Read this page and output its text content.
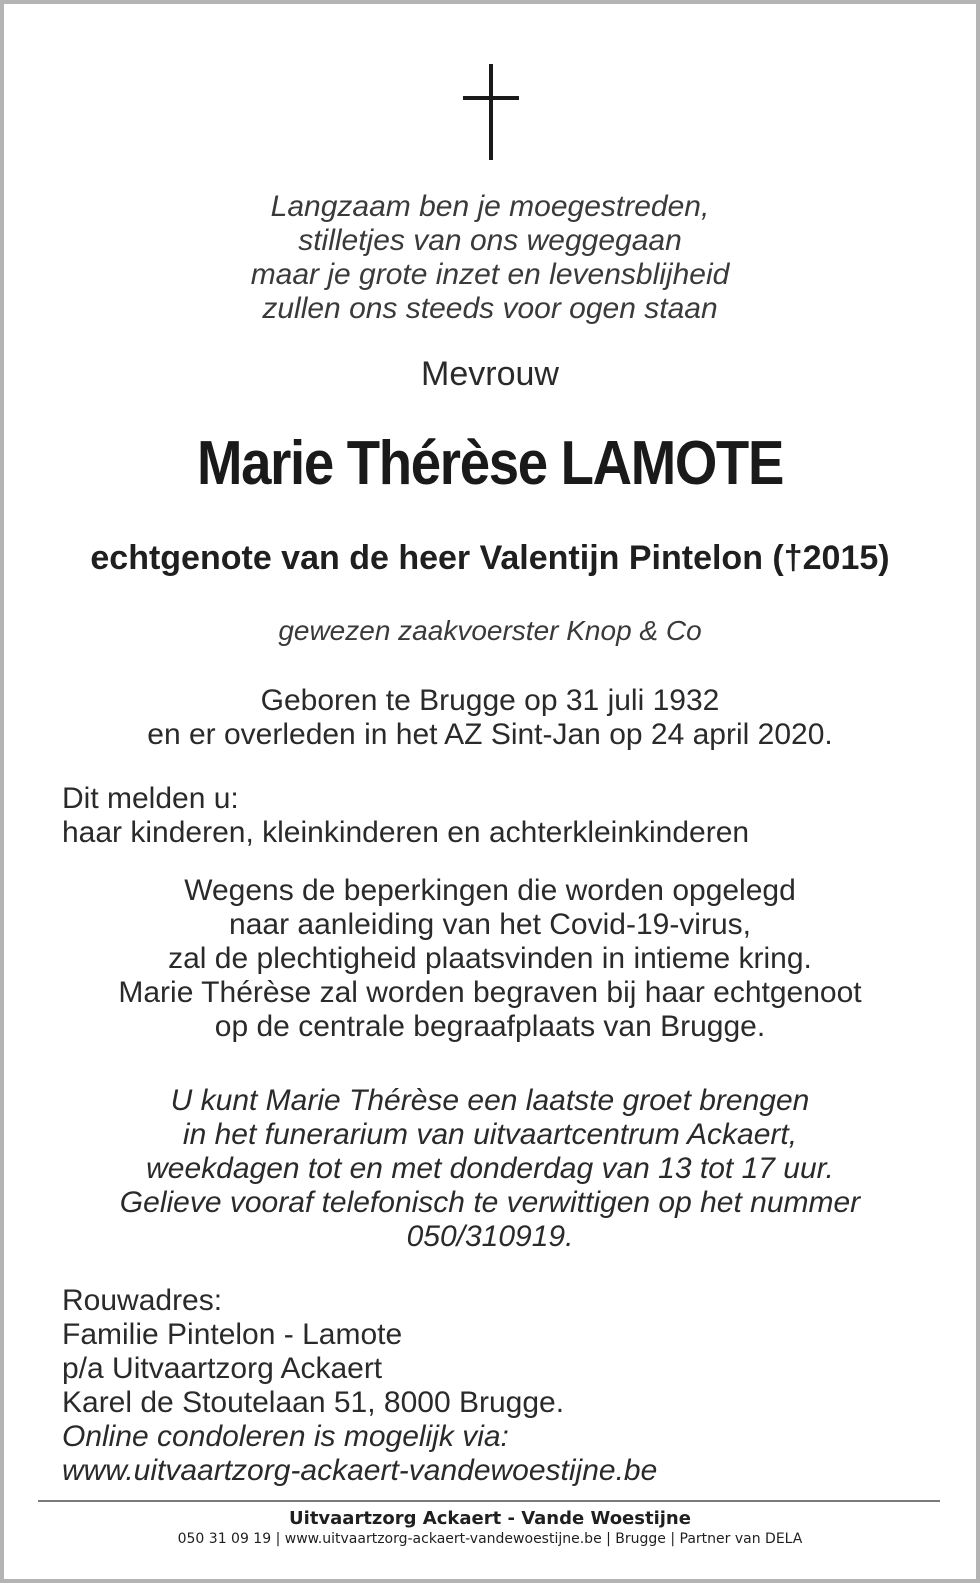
Langzaam ben je moegestreden,
stilletjes van ons weggegaan
maar je grote inzet en levensblijheid
zullen ons steeds voor ogen staan
Mevrouw
Marie Thérèse LAMOTE
echtgenote van de heer Valentijn Pintelon (†2015)
gewezen zaakvoerster Knop & Co
Geboren te Brugge op 31 juli 1932
en er overleden in het AZ Sint-Jan op 24 april 2020.
Dit melden u:
haar kinderen, kleinkinderen en achterkleinkinderen
Wegens de beperkingen die worden opgelegd
naar aanleiding van het Covid-19-virus,
zal de plechtigheid plaatsvinden in intieme kring.
Marie Thérèse zal worden begraven bij haar echtgenoot
op de centrale begraafplaats van Brugge.
U kunt Marie Thérèse een laatste groet brengen
in het funerarium van uitvaartcentrum Ackaert,
weekdagen tot en met donderdag van 13 tot 17 uur.
Gelieve vooraf telefonisch te verwittigen op het nummer
050/310919.
Rouwadres:
Familie Pintelon - Lamote
p/a Uitvaartzorg Ackaert
Karel de Stoutelaan 51, 8000 Brugge.
Online condoleren is mogelijk via:
www.uitvaartzorg-ackaert-vandewoestijne.be
Uitvaartzorg Ackaert - Vande Woestijne
050 31 09 19 | www.uitvaartzorg-ackaert-vandewoestijne.be | Brugge | Partner van DELA
